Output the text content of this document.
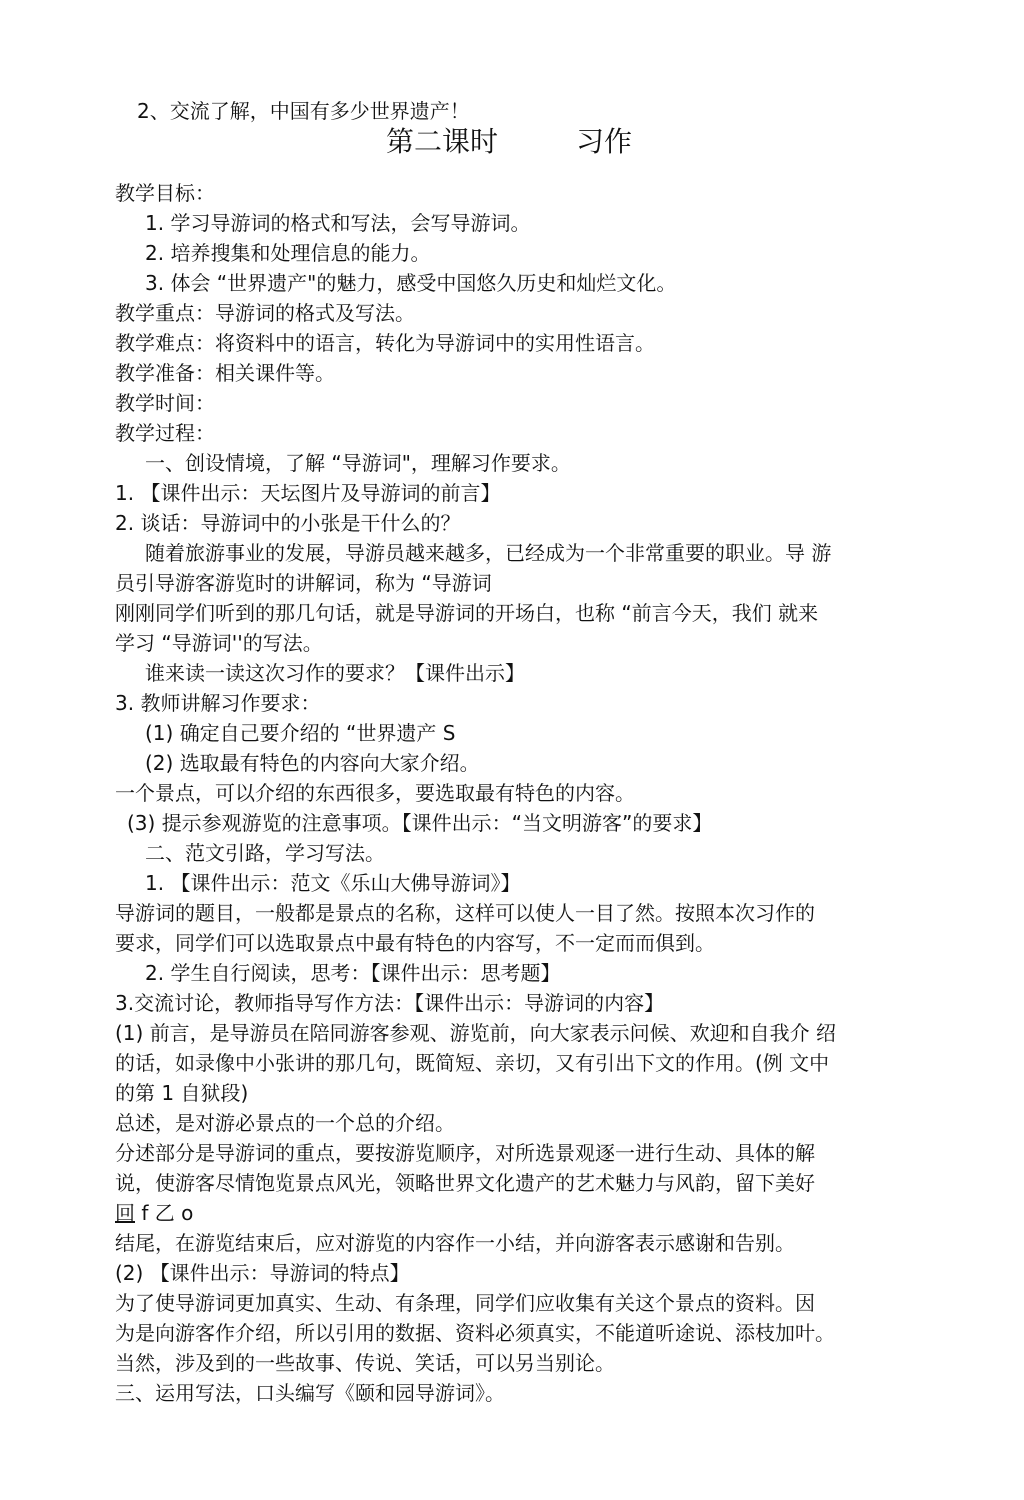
2、交流了解，中国有多少世界遗产！
第二课时	习作
教学目标：
1. 学习导游词的格式和写法，会写导游词。
2. 培养搜集和处理信息的能力。
3. 体会 “世界遗产"的魅力，感受中国悠久历史和灿烂文化。
教学重点：导游词的格式及写法。
教学难点：将资料中的语言，转化为导游词中的实用性语言。
教学准备：相关课件等。
教学时间：
教学过程：
一、创设情境，了解 “导游词"，理解习作要求。
1. 【课件出示：天坛图片及导游词的前言】
2. 谈话：导游词中的小张是干什么的？
随着旅游事业的发展，导游员越来越多，已经成为一个非常重要的职业。导 游
员引导游客游览时的讲解词，称为 “导游词
刚刚同学们听到的那几句话，就是导游词的开场白，也称 “前言今天，我们 就来
学习 “导游词''的写法。
谁来读一读这次习作的要求？【课件出示】
3. 教师讲解习作要求：
(1) 确定自己要介绍的 “世界遗产 S
(2) 选取最有特色的内容向大家介绍。
一个景点，可以介绍的东西很多，要选取最有特色的内容。
(3) 提示参观游览的注意事项。【课件出示：“当文明游客”的要求】
二、范文引路，学习写法。
1. 【课件出示：范文《乐山大佛导游词》】
导游词的题目，一般都是景点的名称，这样可以使人一目了然。按照本次习作的
要求，同学们可以选取景点中最有特色的内容写，不一定而而俱到。
2. 学生自行阅读，思考：【课件出示：思考题】
3.交流讨论，教师指导写作方法：【课件出示：导游词的内容】
(1) 前言，是导游员在陪同游客参观、游览前，向大家表示问候、欢迎和自我介 绍
的话，如录像中小张讲的那几句，既简短、亲切，又有引出下文的作用。(例 文中
的第 1 自狱段)
总述，是对游必景点的一个总的介绍。
分述部分是导游词的重点，要按游览顺序，对所选景观逐一进行生动、具体的解
说，使游客尽情饱览景点风光，领略世界文化遗产的艺术魅力与风韵，留下美好
回 f 乙 o
结尾，在游览结束后，应对游览的内容作一小结，并向游客表示感谢和告别。
(2) 【课件出示：导游词的特点】
为了使导游词更加真实、生动、有条理，同学们应收集有关这个景点的资料。因
为是向游客作介绍，所以引用的数据、资料必须真实，不能道听途说、添枝加叶。
当然，涉及到的一些故事、传说、笑话，可以另当别论。
三、运用写法，口头编写《颐和园导游词》。
